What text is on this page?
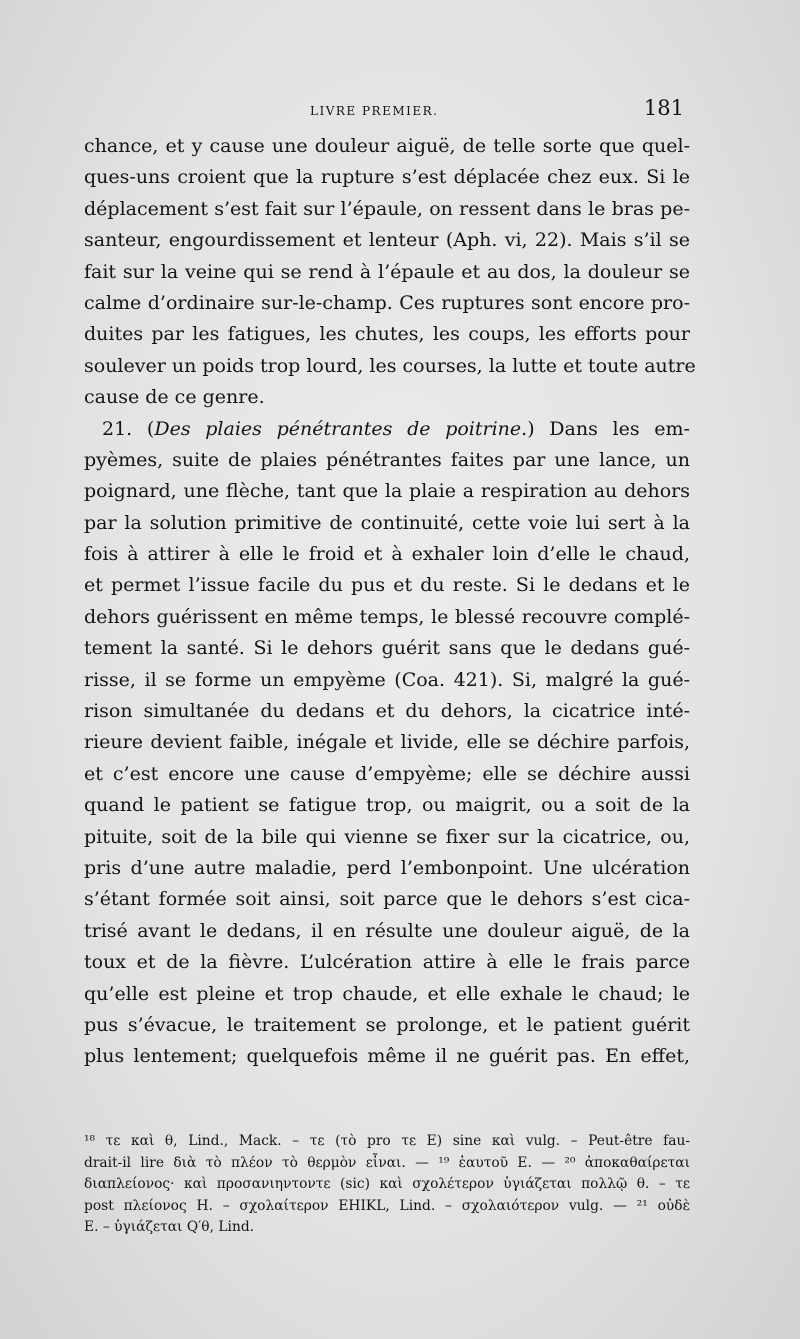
LIVRE PREMIER.	181
chance, et y cause une douleur aiguë, de telle sorte que quel-
ques-uns croient que la rupture s’est déplacée chez eux. Si le
déplacement s’est fait sur l’épaule, on ressent dans le bras pe-
santeur, engourdissement et lenteur (Aph. vi, 22). Mais s’il se
fait sur la veine qui se rend à l’épaule et au dos, la douleur se
calme d’ordinaire sur-le-champ. Ces ruptures sont encore pro-
duites par les fatigues, les chutes, les coups, les efforts pour
soulever un poids trop lourd, les courses, la lutte et toute autre
cause de ce genre.
21. (Des plaies pénétrantes de poitrine.) Dans les em-
pyèmes, suite de plaies pénétrantes faites par une lance, un
poignard, une flèche, tant que la plaie a respiration au dehors
par la solution primitive de continuité, cette voie lui sert à la
fois à attirer à elle le froid et à exhaler loin d’elle le chaud,
et permet l’issue facile du pus et du reste. Si le dedans et le
dehors guérissent en même temps, le blessé recouvre complé-
tement la santé. Si le dehors guérit sans que le dedans gué-
risse, il se forme un empyème (Coa. 421). Si, malgré la gué-
rison simultanée du dedans et du dehors, la cicatrice inté-
rieure devient faible, inégale et livide, elle se déchire parfois,
et c’est encore une cause d’empyème; elle se déchire aussi
quand le patient se fatigue trop, ou maigrit, ou a soit de la
pituite, soit de la bile qui vienne se fixer sur la cicatrice, ou,
pris d’une autre maladie, perd l’embonpoint. Une ulcération
s’étant formée soit ainsi, soit parce que le dehors s’est cica-
trisé avant le dedans, il en résulte une douleur aiguë, de la
toux et de la fièvre. L’ulcération attire à elle le frais parce
qu’elle est pleine et trop chaude, et elle exhale le chaud; le
pus s’évacue, le traitement se prolonge, et le patient guérit
plus lentement; quelquefois même il ne guérit pas. En effet,
¹⁸ τε καὶ θ, Lind., Mack. – τε (τὸ pro τε E) sine καὶ vulg. – Peut-être fau-
drait-il lire διὰ τὸ πλέον τὸ θερμὸν εἶναι. — ¹⁹ ἑαυτοῦ E. — ²⁰ ἀποκαθαίρεται
διαπλείονος· καὶ προσανιηντοντε (sic) καὶ σχολέτερον ὑγιάζεται πολλῷ θ. – τε
post πλείονος H. – σχολαίτερον EHIKL, Lind. – σχολαιότερον vulg. — ²¹ οὐδὲ
E. – ὑγιάζεται Q′θ, Lind.
